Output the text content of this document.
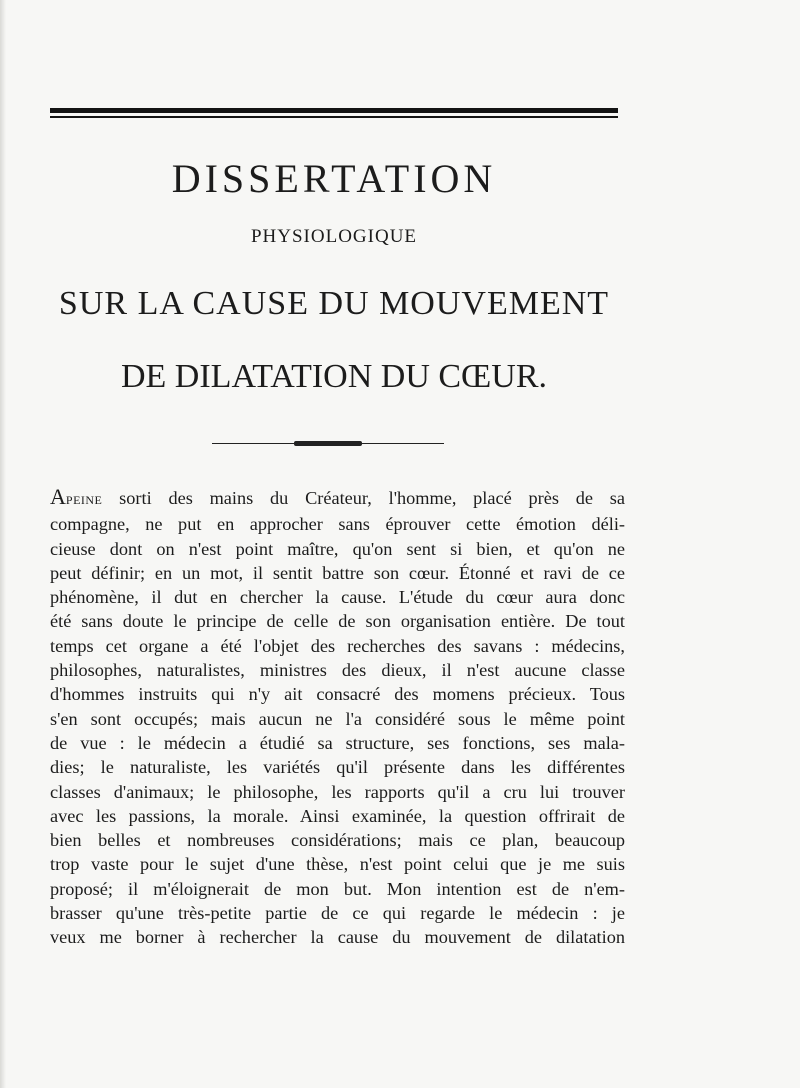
DISSERTATION
PHYSIOLOGIQUE
SUR LA CAUSE DU MOUVEMENT
DE DILATATION DU CŒUR.
APEINE sorti des mains du Créateur, l'homme, placé près de sa
compagne, ne put en approcher sans éprouver cette émotion déli-
cieuse dont on n'est point maître, qu'on sent si bien, et qu'on ne
peut définir; en un mot, il sentit battre son cœur. Étonné et ravi de ce
phénomène, il dut en chercher la cause. L'étude du cœur aura donc
été sans doute le principe de celle de son organisation entière. De tout
temps cet organe a été l'objet des recherches des savans : médecins,
philosophes, naturalistes, ministres des dieux, il n'est aucune classe
d'hommes instruits qui n'y ait consacré des momens précieux. Tous
s'en sont occupés; mais aucun ne l'a considéré sous le même point
de vue : le médecin a étudié sa structure, ses fonctions, ses mala-
dies; le naturaliste, les variétés qu'il présente dans les différentes
classes d'animaux; le philosophe, les rapports qu'il a cru lui trouver
avec les passions, la morale. Ainsi examinée, la question offrirait de
bien belles et nombreuses considérations; mais ce plan, beaucoup
trop vaste pour le sujet d'une thèse, n'est point celui que je me suis
proposé; il m'éloignerait de mon but. Mon intention est de n'em-
brasser qu'une très-petite partie de ce qui regarde le médecin : je
veux me borner à rechercher la cause du mouvement de dilatation
